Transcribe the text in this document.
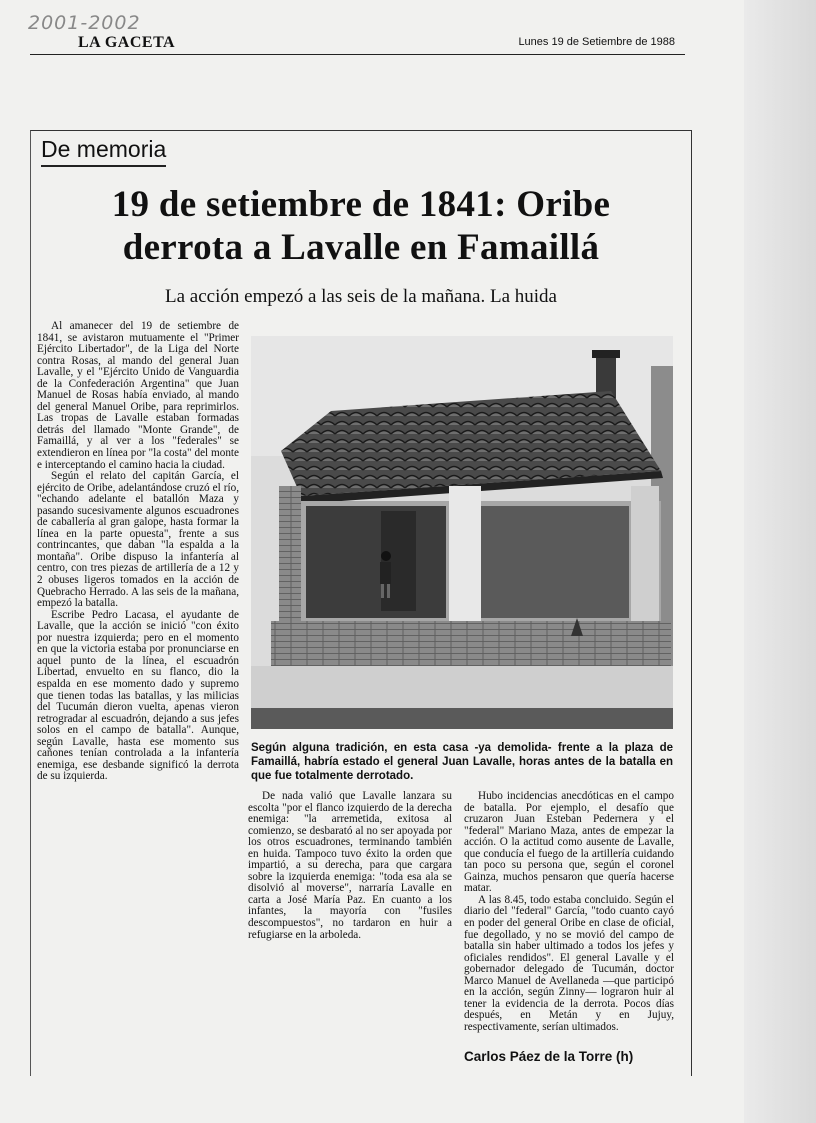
2001-2002
LA GACETA	Lunes 19 de Setiembre de 1988
De memoria
19 de setiembre de 1841: Oribe
derrota a Lavalle en Famaillá
La acción empezó a las seis de la mañana. La huida

Al amanecer del 19 de setiembre de 1841, se avistaron mutuamente el "Primer Ejército Libertador", de la Liga del Norte contra Rosas, al mando del general Juan Lavalle, y el "Ejército Unido de Vanguardia de la Confederación Argentina" que Juan Manuel de Rosas había enviado, al mando del general Manuel Oribe, para reprimirlos. Las tropas de Lavalle estaban formadas detrás del llamado "Monte Grande", de Famaillá, y al ver a los "federales" se extendieron en línea por "la costa" del monte e interceptando el camino hacia la ciudad.

Según el relato del capitán García, el ejército de Oribe, adelantándose cruzó el río, "echando adelante el batallón Maza y pasando sucesivamente algunos escuadrones de caballería al gran galope, hasta formar la línea en la parte opuesta", frente a sus contrincantes, que daban "la espalda a la montaña". Oribe dispuso la infantería al centro, con tres piezas de artillería de a 12 y 2 obuses ligeros tomados en la acción de Quebracho Herrado. A las seis de la mañana, empezó la batalla.

Escribe Pedro Lacasa, el ayudante de Lavalle, que la acción se inició "con éxito por nuestra izquierda; pero en el momento en que la victoria estaba por pronunciarse en aquel punto de la línea, el escuadrón Libertad, envuelto en su flanco, dio la espalda en ese momento dado y supremo que tienen todas las batallas, y las milicias del Tucumán dieron vuelta, apenas vieron retrogradar al escuadrón, dejando a sus jefes solos en el campo de batalla". Aunque, según Lavalle, hasta ese momento sus cañones tenían controlada a la infantería enemiga, ese desbande significó la derrota de su izquierda.

Según alguna tradición, en esta casa -ya demolida- frente a la plaza de Famaillá, habría estado el general Juan Lavalle, horas antes de la batalla en que fue totalmente derrotado.

De nada valió que Lavalle lanzara su escolta "por el flanco izquierdo de la derecha enemiga: "la arremetida, exitosa al comienzo, se desbarató al no ser apoyada por los otros escuadrones, terminando también en huida. Tampoco tuvo éxito la orden que impartió, a su derecha, para que cargara sobre la izquierda enemiga: "toda esa ala se disolvió al moverse", narraría Lavalle en carta a José María Paz. En cuanto a los infantes, la mayoría con "fusiles descompuestos", no tardaron en huir a refugiarse en la arboleda.

Hubo incidencias anecdóticas en el campo de batalla. Por ejemplo, el desafío que cruzaron Juan Esteban Pedernera y el "federal" Mariano Maza, antes de empezar la acción. O la actitud como ausente de Lavalle, que conducía el fuego de la artillería cuidando tan poco su persona que, según el coronel Gainza, muchos pensaron que quería hacerse matar.

A las 8.45, todo estaba concluido. Según el diario del "federal" García, "todo cuanto cayó en poder del general Oribe en clase de oficial, fue degollado, y no se movió del campo de batalla sin haber ultimado a todos los jefes y oficiales rendidos". El general Lavalle y el gobernador delegado de Tucumán, doctor Marco Manuel de Avellaneda —que participó en la acción, según Zinny— lograron huir al tener la evidencia de la derrota. Pocos días después, en Metán y en Jujuy, respectivamente, serían ultimados.

Carlos Páez de la Torre (h)
